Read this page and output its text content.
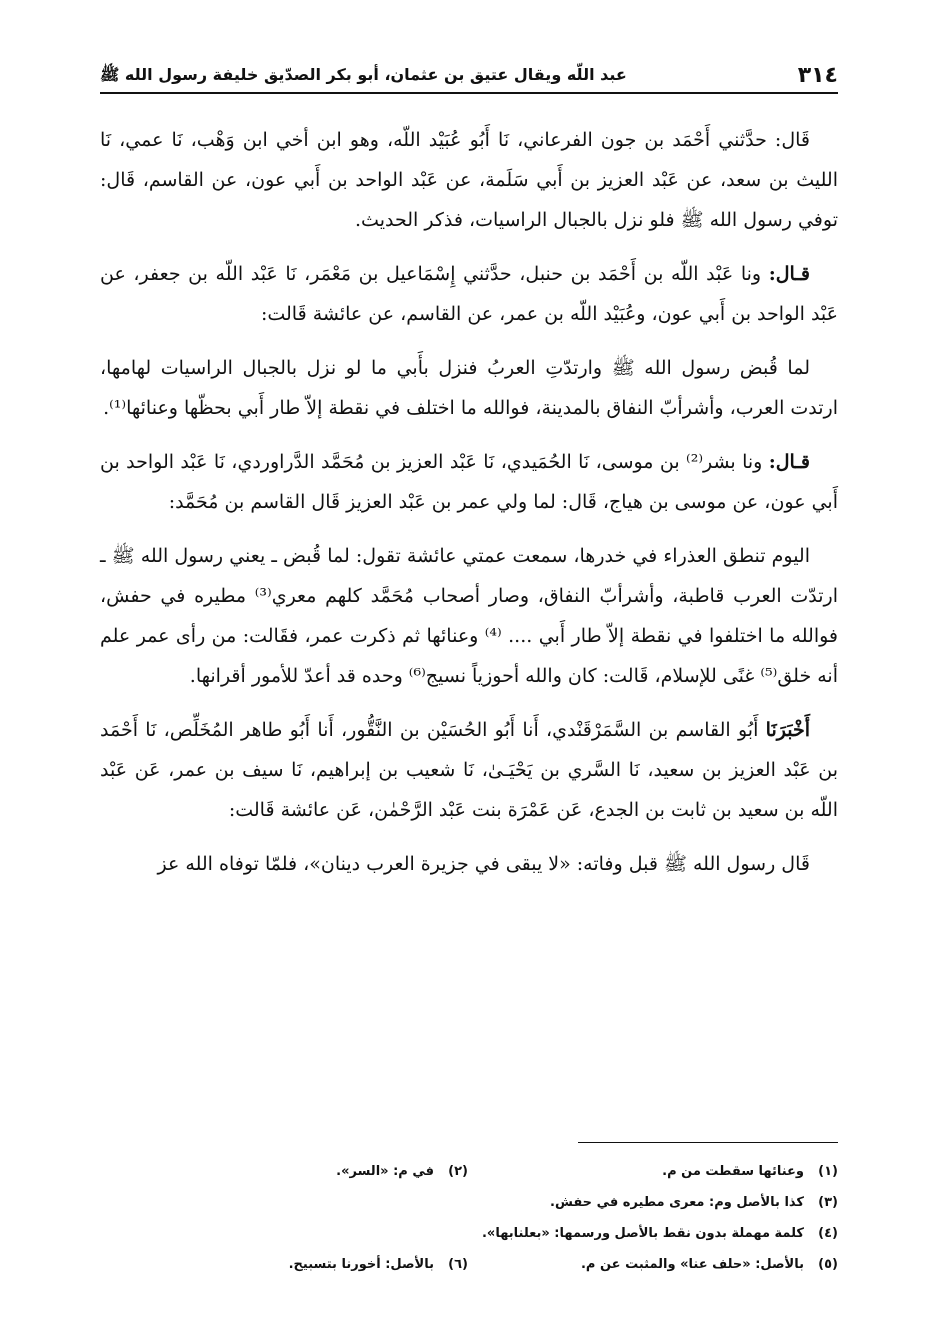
٣١٤
عبد اللّه ويقال عتيق بن عثمان، أبو بكر الصدّيق خليفة رسول الله ﷺ

قَال: حدَّثني أَحْمَد بن جون الفرعاني، نَا أَبُو عُبَيْد اللّه، وهو ابن أخي ابن وَهْب، نَا عمي، نَا الليث بن سعد، عن عَبْد العزيز بن أَبي سَلَمة، عن عَبْد الواحد بن أَبي عون، عن القاسم، قَال: توفي رسول الله ﷺ فلو نزل بالجبال الراسيات، فذكر الحديث.

قـال: ونا عَبْد اللّه بن أَحْمَد بن حنبل، حدَّثني إِسْمَاعيل بن مَعْمَر، نَا عَبْد اللّه بن جعفر، عن عَبْد الواحد بن أَبي عون، وعُبَيْد اللّه بن عمر، عن القاسم، عن عائشة قَالت:

لما قُبض رسول الله ﷺ وارتدّتِ العربُ فنزل بأَبي ما لو نزل بالجبال الراسيات لهامها، ارتدت العرب، وأشرأبّ النفاق بالمدينة، فوالله ما اختلف في نقطة إلاّ طار أَبي بحظّها وعنائها⁽¹⁾.

قـال: ونا بشر⁽²⁾ بن موسى، نَا الحُمَيدي، نَا عَبْد العزيز بن مُحَمَّد الدَّراوردي، نَا عَبْد الواحد بن أَبي عون، عن موسى بن هياج، قَال: لما ولي عمر بن عَبْد العزيز قَال القاسم بن مُحَمَّد:

اليوم تنطق العذراء في خدرها، سمعت عمتي عائشة تقول: لما قُبض ـ يعني رسول الله ﷺ ـ ارتدّت العرب قاطبة، وأشرأبّ النفاق، وصار أصحاب مُحَمَّد كلهم معري⁽³⁾ مطيره في حفش، فوالله ما اختلفوا في نقطة إلاّ طار أَبي .... ⁽⁴⁾ وعنائها ثم ذكرت عمر، فقَالت: من رأى عمر علم أنه خلق⁽⁵⁾ غنًى للإسلام، قَالت: كان والله أحوزياً نسيج⁽⁶⁾ وحده قد أعدّ للأمور أقرانها.

أَخْبَرَنَا أَبُو القاسم بن السَّمَرْقَنْدي، أَنا أَبُو الحُسَيْن بن النَّقُّور، أَنا أَبُو طاهر المُخَلِّص، نَا أَحْمَد بن عَبْد العزيز بن سعيد، نَا السَّري بن يَحْيَـىٰ، نَا شعيب بن إبراهيم، نَا سيف بن عمر، عَن عَبْد اللّه بن سعيد بن ثابت بن الجدع، عَن عَمْرَة بنت عَبْد الرَّحْمٰن، عَن عائشة قَالت:

قَال رسول الله ﷺ قبل وفاته: «لا يبقى في جزيرة العرب دينان»، فلمّا توفاه الله عز

(١)وعنائها سقطت من م.
(٢)في م: «السر».
(٣)كذا بالأصل وم: معرى مطيره في حفش.
(٤)كلمة مهملة بدون نقط بالأصل ورسمها: «بعلنابها».
(٥)بالأصل: «حلف عنا» والمثبت عن م.
(٦)بالأصل: أخورنا بتسبيح.
